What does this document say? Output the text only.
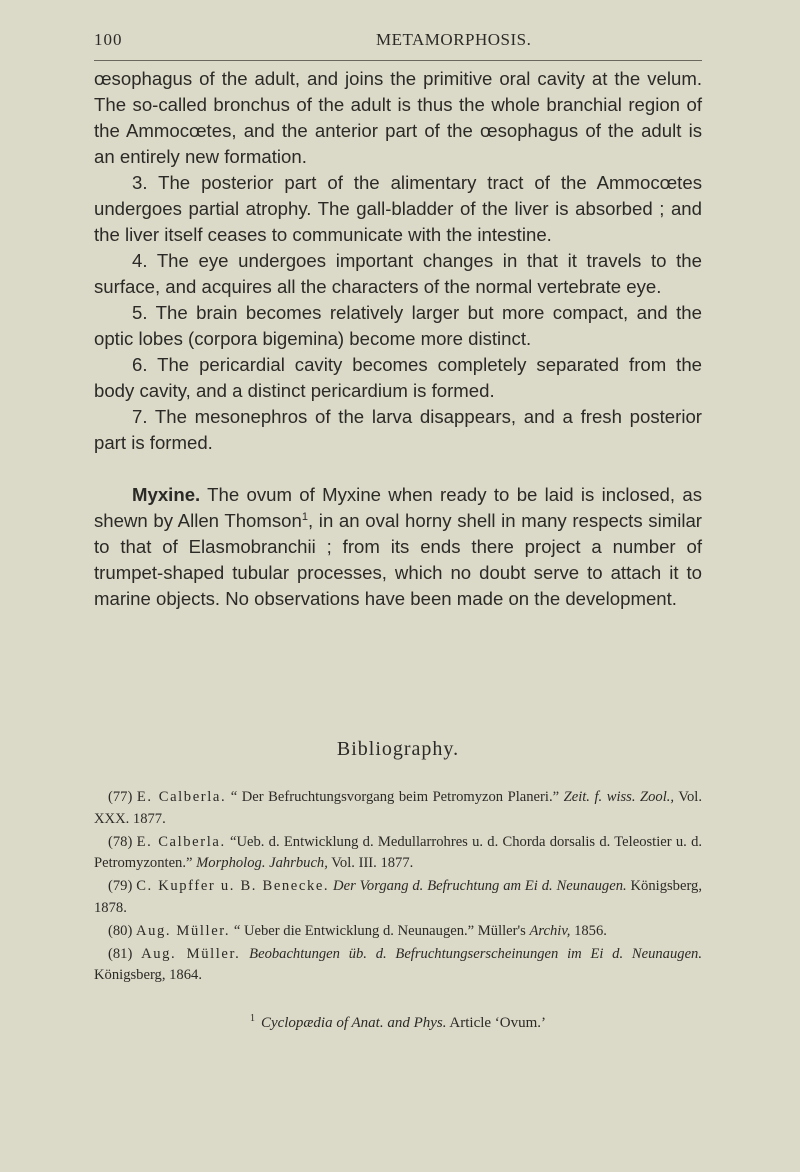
100	METAMORPHOSIS.

œsophagus of the adult, and joins the primitive oral cavity at the velum. The so-called bronchus of the adult is thus the whole branchial region of the Ammocœtes, and the anterior part of the œsophagus of the adult is an entirely new formation.

3. The posterior part of the alimentary tract of the Ammocœtes undergoes partial atrophy. The gall-bladder of the liver is absorbed ; and the liver itself ceases to communicate with the intestine.

4. The eye undergoes important changes in that it travels to the surface, and acquires all the characters of the normal vertebrate eye.

5. The brain becomes relatively larger but more compact, and the optic lobes (corpora bigemina) become more distinct.

6. The pericardial cavity becomes completely separated from the body cavity, and a distinct pericardium is formed.

7. The mesonephros of the larva disappears, and a fresh posterior part is formed.

Myxine. The ovum of Myxine when ready to be laid is inclosed, as shewn by Allen Thomson$^1$, in an oval horny shell in many respects similar to that of Elasmobranchii ; from its ends there project a number of trumpet-shaped tubular processes, which no doubt serve to attach it to marine objects. No observations have been made on the development.

Bibliography.

(77) E. Calberla. “ Der Befruchtungsvorgang beim Petromyzon Planeri.” Zeit. f. wiss. Zool., Vol. XXX. 1877.

(78) E. Calberla. “Ueb. d. Entwicklung d. Medullarrohres u. d. Chorda dorsalis d. Teleostier u. d. Petromyzonten.” Morpholog. Jahrbuch, Vol. III. 1877.

(79) C. Kupffer u. B. Benecke. Der Vorgang d. Befruchtung am Ei d. Neunaugen. Königsberg, 1878.

(80) Aug. Müller. “ Ueber die Entwicklung d. Neunaugen.” Müller's Archiv, 1856.

(81) Aug. Müller. Beobachtungen üb. d. Befruchtungserscheinungen im Ei d. Neunaugen. Königsberg, 1864.

$^1$ Cyclopædia of Anat. and Phys. Article ‘Ovum.’
